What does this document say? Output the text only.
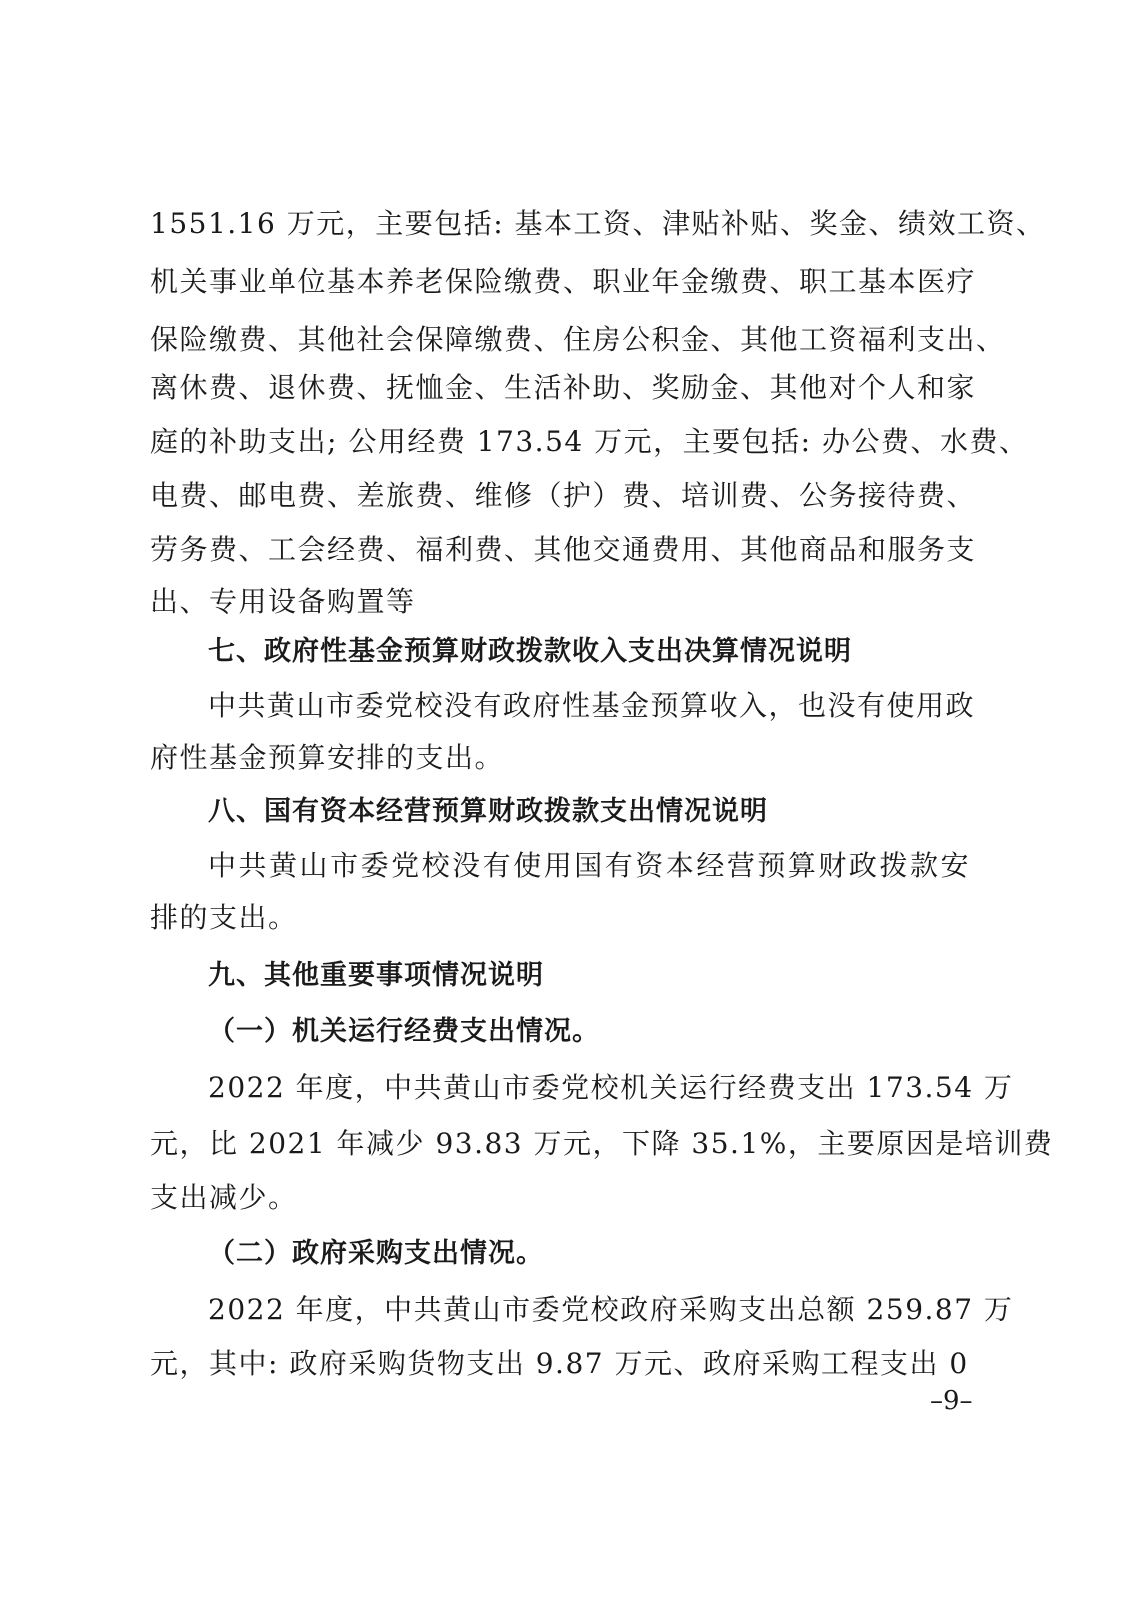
1551.16 万元，主要包括: 基本工资、津贴补贴、奖金、绩效工资、
机关事业单位基本养老保险缴费、职业年金缴费、职工基本医疗
保险缴费、其他社会保障缴费、住房公积金、其他工资福利支出、
离休费、退休费、抚恤金、生活补助、奖励金、其他对个人和家
庭的补助支出; 公用经费 173.54 万元，主要包括: 办公费、水费、
电费、邮电费、差旅费、维修（护）费、培训费、公务接待费、
劳务费、工会经费、福利费、其他交通费用、其他商品和服务支
出、专用设备购置等
七、政府性基金预算财政拨款收入支出决算情况说明
中共黄山市委党校没有政府性基金预算收入，也没有使用政
府性基金预算安排的支出。
八、国有资本经营预算财政拨款支出情况说明
中共黄山市委党校没有使用国有资本经营预算财政拨款安
排的支出。
九、其他重要事项情况说明
（一）机关运行经费支出情况。
2022 年度，中共黄山市委党校机关运行经费支出 173.54 万
元，比 2021 年减少 93.83 万元，下降 35.1%，主要原因是培训费
支出减少。
（二）政府采购支出情况。
2022 年度，中共黄山市委党校政府采购支出总额 259.87 万
元，其中: 政府采购货物支出 9.87 万元、政府采购工程支出 0
–9–
